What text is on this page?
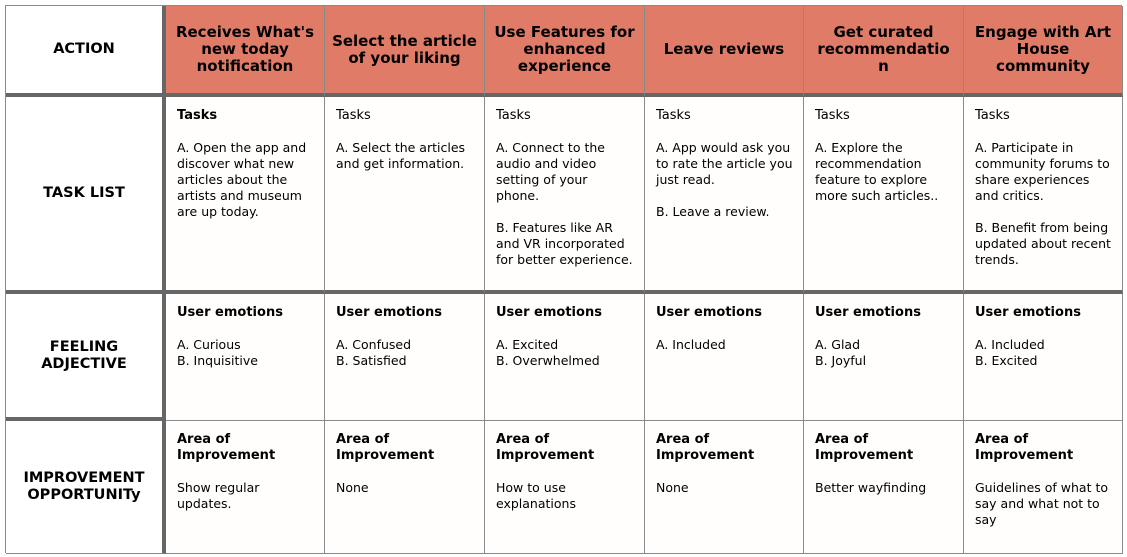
ACTION
Receives What's new today notification
Select the article of your liking
Use Features for enhanced experience
Leave reviews
Get curated recommendatio n
Engage with Art House community
TASK LIST
Tasks
A. Open the app and discover what new articles about the artists and museum are up today.
Tasks
A. Select the articles and get information.
Tasks
A. Connect to the audio and video setting of your phone.
B. Features like AR and VR incorporated for better experience.
Tasks
A. App would ask you to rate the article you just read.
B. Leave a review.
Tasks
A. Explore the recommendation feature to explore more such articles..
Tasks
A. Participate in community forums to share experiences and critics.
B. Benefit from being updated about recent trends.
FEELING
ADJECTIVE
User emotions
A. Curious
B. Inquisitive
User emotions
A. Confused
B. Satisfied
User emotions
A. Excited
B. Overwhelmed
User emotions
A. Included
User emotions
A. Glad
B. Joyful
User emotions
A. Included
B. Excited
IMPROVEMENT
OPPORTUNITy
Area of Improvement
Show regular updates.
Area of Improvement
None
Area of Improvement
How to use explanations
Area of Improvement
None
Area of Improvement
Better wayfinding
Area of Improvement
Guidelines of what to say and what not to say
